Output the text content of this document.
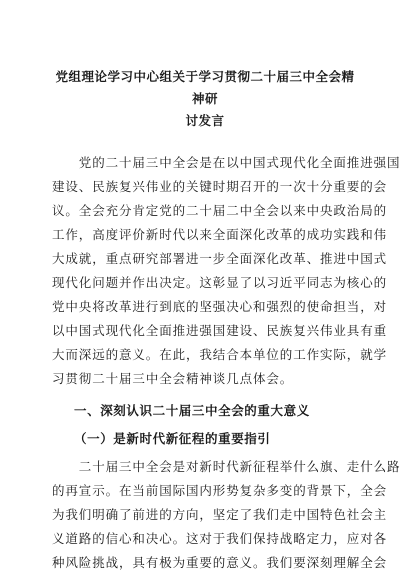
党组理论学习中心组关于学习贯彻二十届三中全会精神研
讨发言

　　党的二十届三中全会是在以中国式现代化全面推进强国
建设、民族复兴伟业的关键时期召开的一次十分重要的会
议。全会充分肯定党的二十届二中全会以来中央政治局的
工作，高度评价新时代以来全面深化改革的成功实践和伟
大成就，重点研究部署进一步全面深化改革、推进中国式
现代化问题并作出决定。这彰显了以习近平同志为核心的
党中央将改革进行到底的坚强决心和强烈的使命担当，对
以中国式现代化全面推进强国建设、民族复兴伟业具有重
大而深远的意义。在此，我结合本单位的工作实际，就学
习贯彻二十届三中全会精神谈几点体会。

一、深刻认识二十届三中全会的重大意义
（一）是新时代新征程的重要指引

　　二十届三中全会是对新时代新征程举什么旗、走什么路
的再宣示。在当前国际国内形势复杂多变的背景下，全会
为我们明确了前进的方向，坚定了我们走中国特色社会主
义道路的信心和决心。这对于我们保持战略定力，应对各
种风险挑战，具有极为重要的意义。我们要深刻理解全会
